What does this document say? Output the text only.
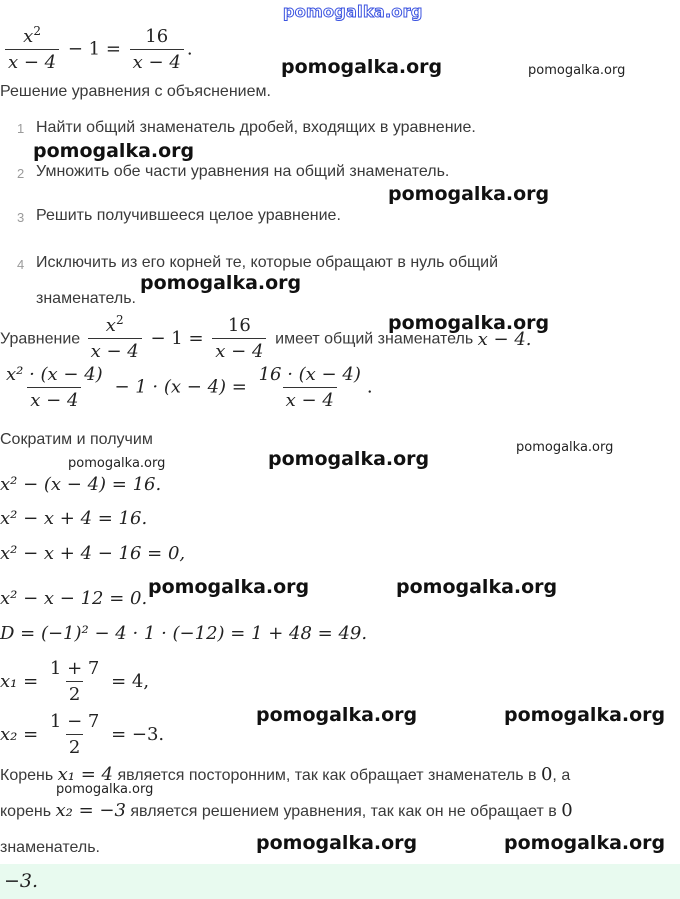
pomogalka.org
$\frac{x^2}{x - 4} - 1 = \frac{16}{x - 4}$ .
pomogalka.org	pomogalka.org
Решение уравнения с объяснением.
1 Найти общий знаменатель дробей, входящих в уравнение.
pomogalka.org
2 Умножить обе части уравнения на общий знаменатель.
pomogalka.org
3 Решить получившееся целое уравнение.
4 Исключить из его корней те, которые обращают в нуль общий
знаменатель.
pomogalka.org
pomogalka.org
Уравнение $\frac{x^2}{x - 4} - 1 = \frac{16}{x - 4}$ имеет общий знаменатель x − 4.
$\frac{\text{x² · (x − 4)}}{x - 4} - 1 \cdot (x - 4) = \frac{16 \cdot (x - 4)}{x - 4}$ .
Сократим и получим	pomogalka.org
pomogalka.org	pomogalka.org
x² − (x − 4) = 16.
x² − x + 4 = 16.
x² − x + 4 − 16 = 0,
x² − x − 12 = 0.
pomogalka.org	pomogalka.org
D = (−1)² − 4 · 1 · (−12) = 1 + 48 = 49.
$x_1 = \frac{1 + 7}{2} = 4$,
$x_2 = \frac{1 - 7}{2} = -3$.
pomogalka.org	pomogalka.org
Корень x₁ = 4 является посторонним, так как обращает знаменатель в 0, а
pomogalka.org
корень x₂ = −3 является решением уравнения, так как он не обращает в 0
знаменатель.	pomogalka.org	pomogalka.org
−3.
